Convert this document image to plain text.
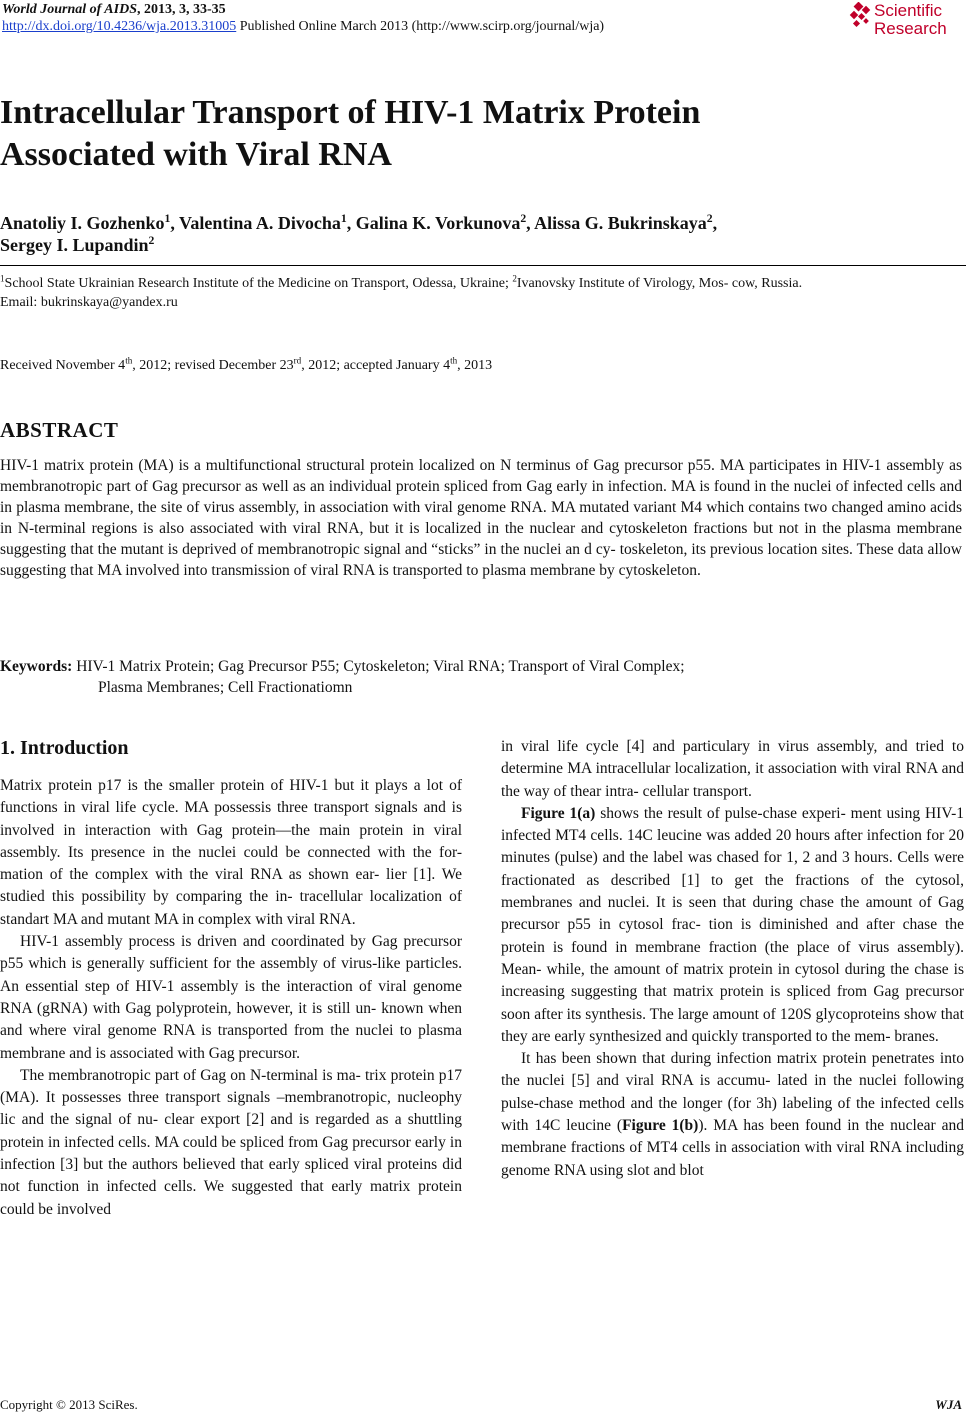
World Journal of AIDS, 2013, 3, 33-35
http://dx.doi.org/10.4236/wja.2013.31005 Published Online March 2013 (http://www.scirp.org/journal/wja)
Scientific
Research
Intracellular Transport of HIV-1 Matrix Protein
Associated with Viral RNA
Anatoliy I. Gozhenko$^1$, Valentina A. Divocha$^1$, Galina K. Vorkunova$^2$, Alissa G. Bukrinskaya$^2$,
Sergey I. Lupandin$^2$
$^1$School State Ukrainian Research Institute of the Medicine on Transport, Odessa, Ukraine; $^2$Ivanovsky Institute of Virology, Mos- cow, Russia.
Email: bukrinskaya@yandex.ru
Received November 4th, 2012; revised December 23rd, 2012; accepted January 4th, 2013
ABSTRACT
HIV-1 matrix protein (MA) is a multifunctional structural protein localized on N terminus of Gag precursor p55. MA participates in HIV-1 assembly as membranotropic part of Gag precursor as well as an individual protein spliced from Gag early in infection. MA is found in the nuclei of infected cells and in plasma membrane, the site of virus assembly, in association with viral genome RNA. MA mutated variant M4 which contains two changed amino acids in N-terminal regions is also associated with viral RNA, but it is localized in the nuclear and cytoskeleton fractions but not in the plasma membrane suggesting that the mutant is deprived of membranotropic signal and “sticks” in the nuclei an d cy- toskeleton, its previous location sites. These data allow suggesting that MA involved into transmission of viral RNA is transported to plasma membrane by cytoskeleton.
Keywords: HIV-1 Matrix Protein; Gag Precursor P55; Cytoskeleton; Viral RNA; Transport of Viral Complex;
Plasma Membranes; Cell Fractionatiomn
1. Introduction

Matrix protein p17 is the smaller protein of HIV-1 but it plays a lot of functions in viral life cycle. MA possessis three transport signals and is involved in interaction with Gag protein—the main protein in viral assembly. Its presence in the nuclei could be connected with the for- mation of the complex with the viral RNA as shown ear- lier [1]. We studied this possibility by comparing the in- tracellular localization of standart MA and mutant MA in complex with viral RNA.

HIV-1 assembly process is driven and coordinated by Gag precursor p55 which is generally sufficient for the assembly of virus-like particles. An essential step of HIV-1 assembly is the interaction of viral genome RNA (gRNA) with Gag polyprotein, however, it is still un- known when and where viral genome RNA is transported from the nuclei to plasma membrane and is associated with Gag precursor.

The membranotropic part of Gag on N-terminal is ma- trix protein p17 (MA). It possesses three transport signals –membranotropic, nucleophy lic and the signal of nu- clear export [2] and is regarded as a shuttling protein in infected cells. MA could be spliced from Gag precursor early in infection [3] but the authors believed that early spliced viral proteins did not function in infected cells. We suggested that early matrix protein could be involved

in viral life cycle [4] and particulary in virus assembly, and tried to determine MA intracellular localization, it association with viral RNA and the way of thear intra- cellular transport.

Figure 1(a) shows the result of pulse-chase experi- ment using HIV-1 infected MT4 cells. 14C leucine was added 20 hours after infection for 20 minutes (pulse) and the label was chased for 1, 2 and 3 hours. Cells were fractionated as described [1] to get the fractions of the cytosol, membranes and nuclei. It is seen that during chase the amount of Gag precursor p55 in cytosol frac- tion is diminished and after chase the protein is found in membrane fraction (the place of virus assembly). Mean- while, the amount of matrix protein in cytosol during the chase is increasing suggesting that matrix protein is spliced from Gag precursor soon after its synthesis. The large amount of 120S glycoproteins show that they are early synthesized and quickly transported to the mem- branes.

It has been shown that during infection matrix protein penetrates into the nuclei [5] and viral RNA is accumu- lated in the nuclei following pulse-chase method and the longer (for 3h) labeling of the infected cells with 14C leucine (Figure 1(b)). MA has been found in the nuclear and membrane fractions of MT4 cells in association with viral RNA including genome RNA using slot and blot

Copyright © 2013 SciRes.	WJA
